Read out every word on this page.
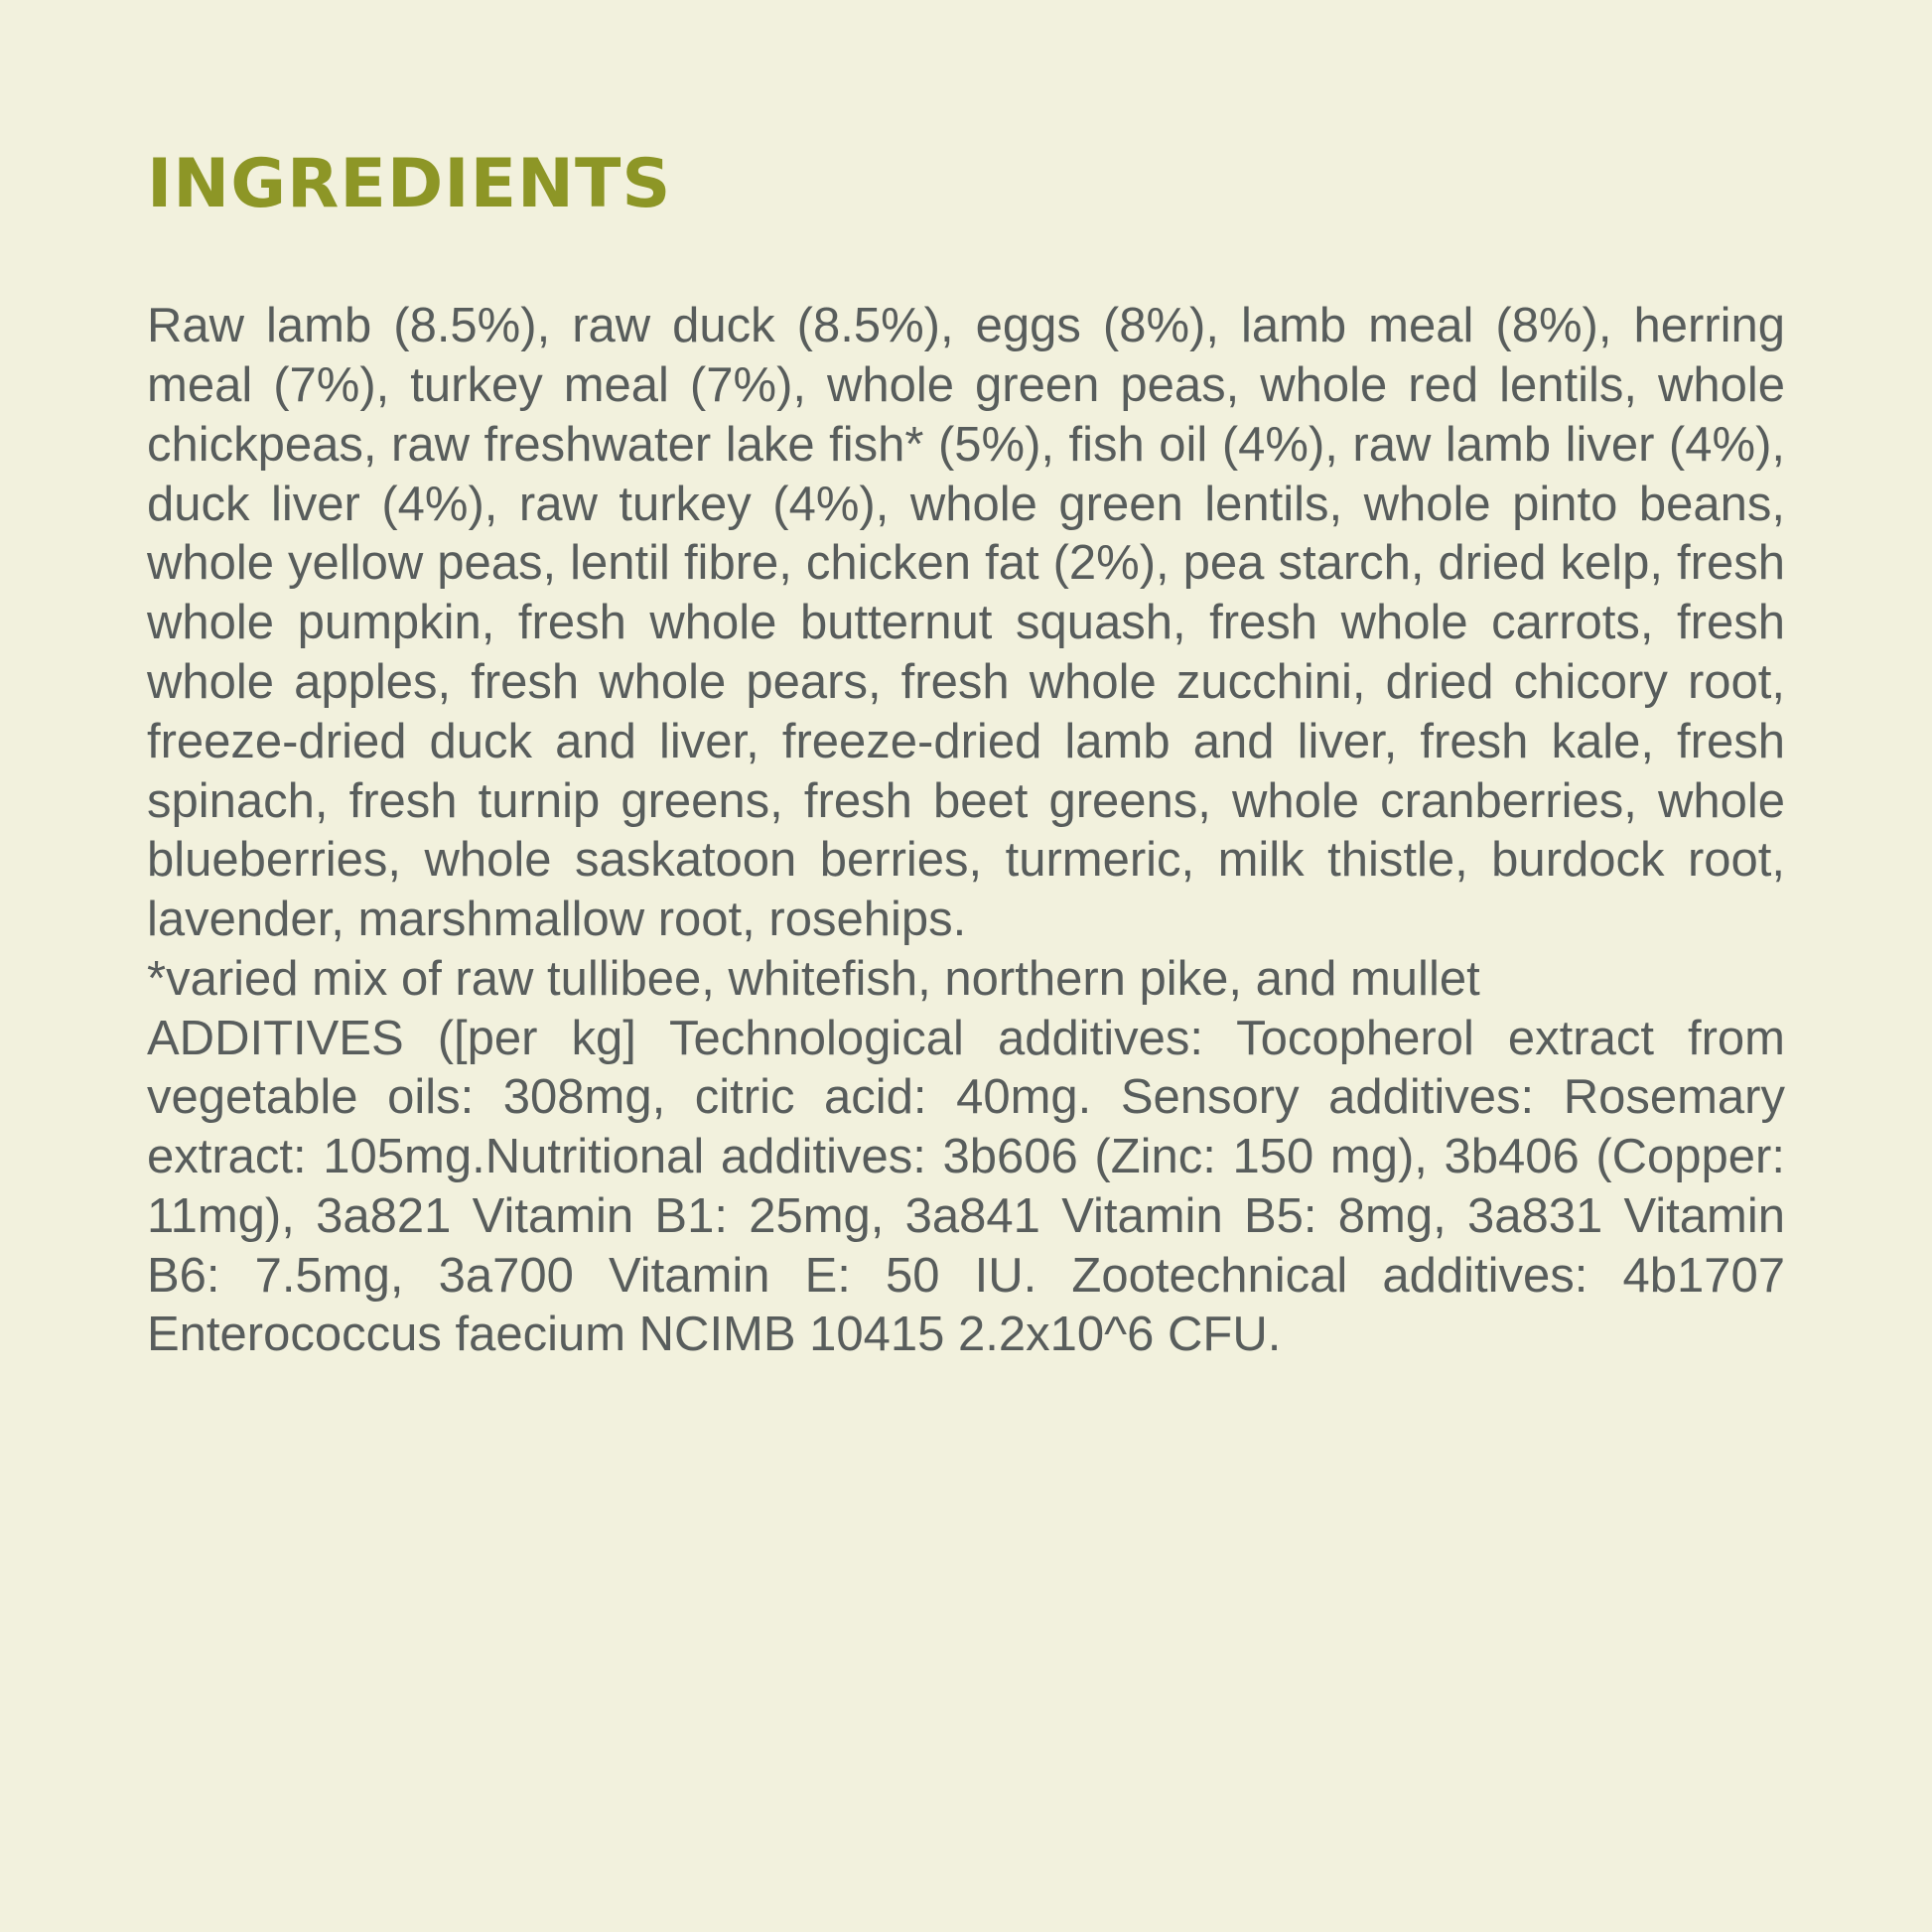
INGREDIENTS

Raw lamb (8.5%), raw duck (8.5%), eggs (8%), lamb meal (8%), herring meal (7%), turkey meal (7%), whole green peas, whole red lentils, whole chickpeas, raw freshwater lake fish* (5%), fish oil (4%), raw lamb liver (4%), duck liver (4%), raw turkey (4%), whole green lentils, whole pinto beans, whole yellow peas, lentil fibre, chicken fat (2%), pea starch, dried kelp, fresh whole pumpkin, fresh whole butternut squash, fresh whole carrots, fresh whole apples, fresh whole pears, fresh whole zucchini, dried chicory root, freeze-dried duck and liver, freeze-dried lamb and liver, fresh kale, fresh spinach, fresh turnip greens, fresh beet greens, whole cranberries, whole blueberries, whole saskatoon berries, turmeric, milk thistle, burdock root, lavender, marshmallow root, rosehips.

*varied mix of raw tullibee, whitefish, northern pike, and mullet

ADDITIVES ([per kg] Technological additives: Tocopherol extract from vegetable oils: 308mg, citric acid: 40mg. Sensory additives: Rosemary extract: 105mg.Nutritional additives: 3b606 (Zinc: 150 mg), 3b406 (Copper: 11mg), 3a821 Vitamin B1: 25mg, 3a841 Vitamin B5: 8mg, 3a831 Vitamin B6: 7.5mg, 3a700 Vitamin E: 50 IU. Zootechnical additives: 4b1707 Enterococcus faecium NCIMB 10415 2.2x10^6 CFU.
